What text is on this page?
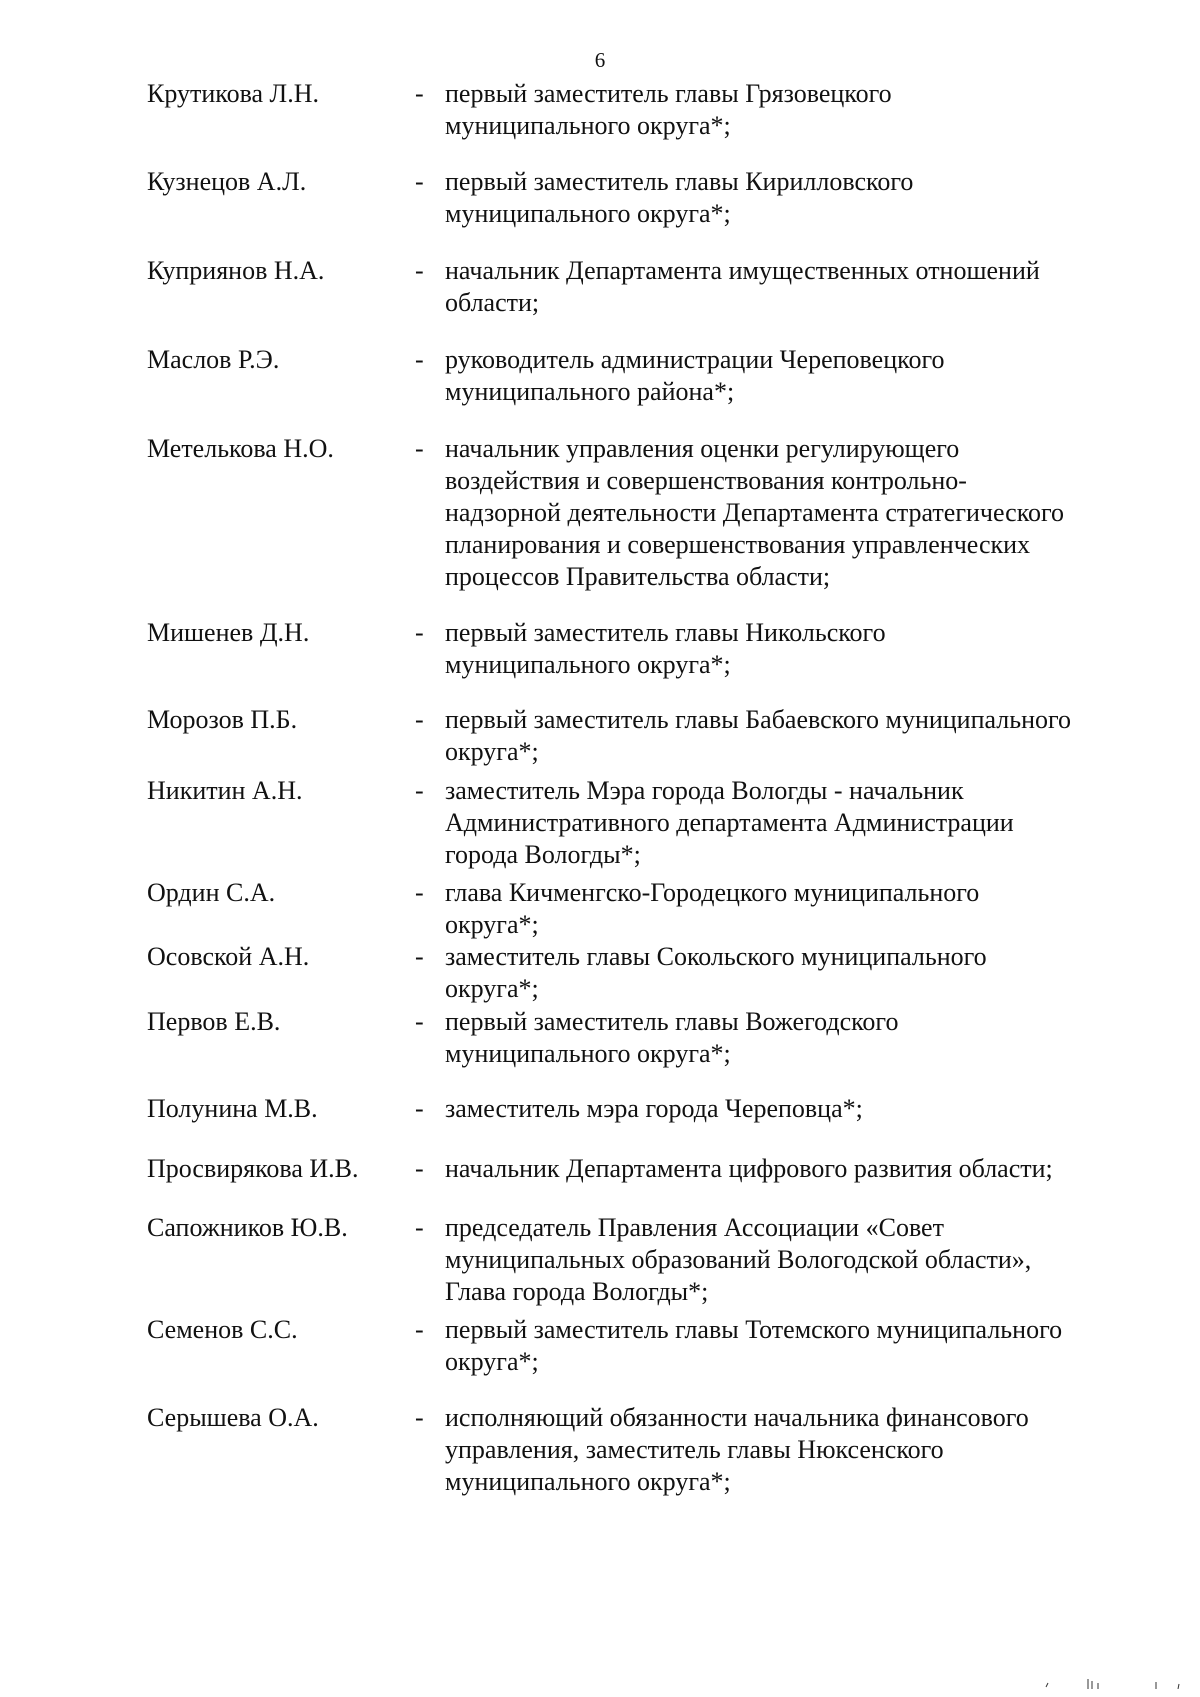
6
Крутикова Л.Н.	- первый заместитель главы Грязовецкого
муниципального округа*;
Кузнецов А.Л.	- первый заместитель главы Кирилловского
муниципального округа*;
Куприянов Н.А.	- начальник Департамента имущественных отношений
области;
Маслов Р.Э.	- руководитель администрации Череповецкого
муниципального района*;
Метелькова Н.О.	- начальник управления оценки регулирующего
воздействия и совершенствования контрольно-
надзорной деятельности Департамента стратегического
планирования и совершенствования управленческих
процессов Правительства области;
Мишенев Д.Н.	- первый заместитель главы Никольского
муниципального округа*;
Морозов П.Б.	- первый заместитель главы Бабаевского муниципального
округа*;
Никитин А.Н.	- заместитель Мэра города Вологды - начальник
Административного департамента Администрации
города Вологды*;
Ордин С.А.	- глава Кичменгско-Городецкого муниципального
округа*;
Осовской А.Н.	- заместитель главы Сокольского муниципального
округа*;
Первов Е.В.	- первый заместитель главы Вожегодского
муниципального округа*;
Полунина М.В.	- заместитель мэра города Череповца*;
Просвирякова И.В. - начальник Департамента цифрового развития области;
Сапожников Ю.В.	- председатель Правления Ассоциации «Совет
муниципальных образований Вологодской области»,
Глава города Вологды*;
Семенов С.С.	- первый заместитель главы Тотемского муниципального
округа*;
Серышева О.А.	- исполняющий обязанности начальника финансового
управления, заместитель главы Нюксенского
муниципального округа*;
